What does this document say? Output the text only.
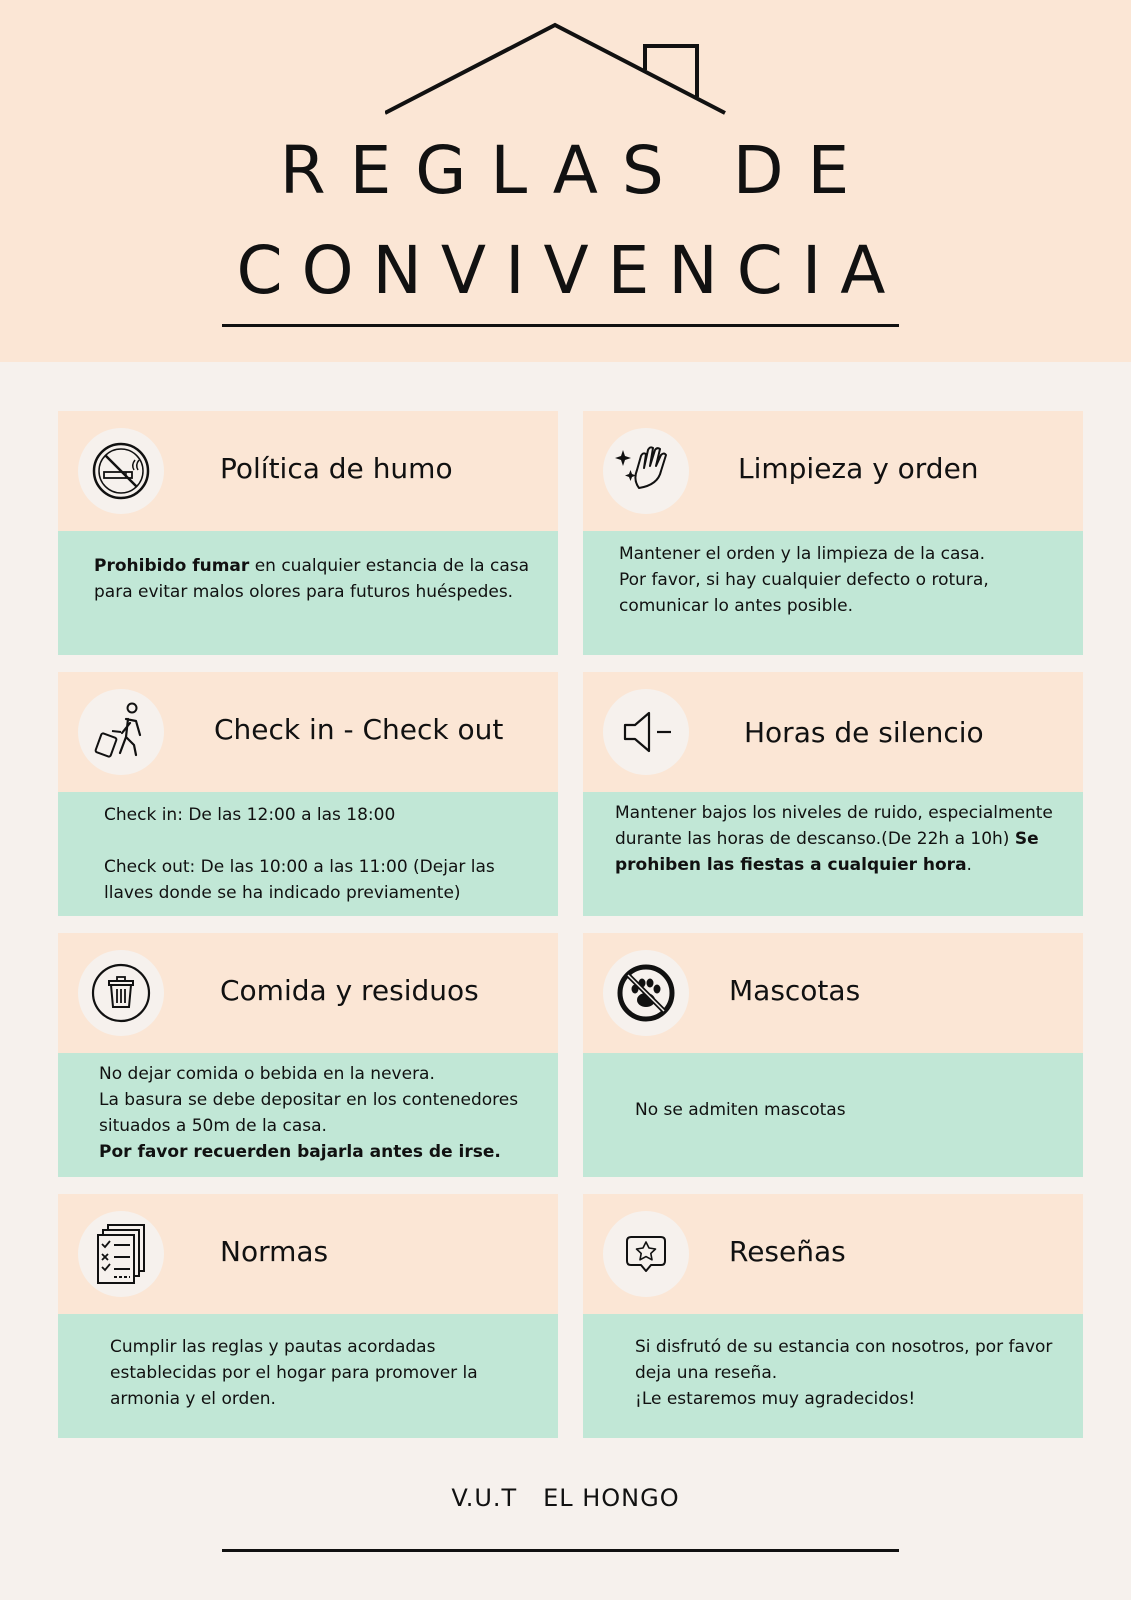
REGLAS DE
CONVIVENCIA
Política de humo

Prohibido fumar en cualquier estancia de la casa para evitar malos olores para futuros huéspedes.

Limpieza y orden

Mantener el orden y la limpieza de la casa.

Por favor, si hay cualquier defecto o rotura, comunicar lo antes posible.

Check in - Check out

Check in: De las 12:00 a las 18:00

Check out: De las 10:00 a las 11:00 (Dejar las llaves donde se ha indicado previamente)

Horas de silencio

Mantener bajos los niveles de ruido, especialmente durante las horas de descanso.(De 22h a 10h) Se prohiben las fiestas a cualquier hora.

Comida y residuos

No dejar comida o bebida en la nevera.

La basura se debe depositar en los contenedores situados a 50m de la casa.

Por favor recuerden bajarla antes de irse.

Mascotas

No se admiten mascotas

Normas

Cumplir las reglas y pautas acordadas establecidas por el hogar para promover la armonia y el orden.

Reseñas

Si disfrutó de su estancia con nosotros, por favor deja una reseña.

¡Le estaremos muy agradecidos!

V.U.T   EL HONGO
